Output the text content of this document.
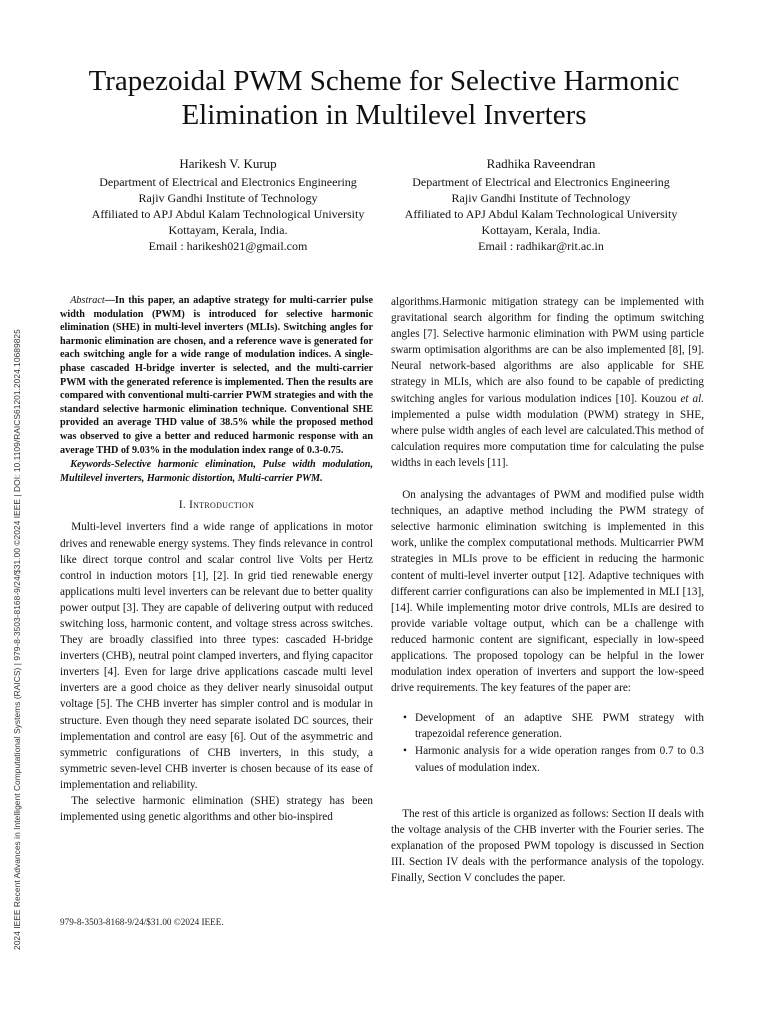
2024 IEEE Recent Advances in Intelligent Computational Systems (RAICS) | 979-8-3503-8168-9/24/$31.00 ©2024 IEEE | DOI: 10.1109/RAICS61201.2024.10689825
Trapezoidal PWM Scheme for Selective Harmonic Elimination in Multilevel Inverters
Harikesh V. Kurup
Department of Electrical and Electronics Engineering
Rajiv Gandhi Institute of Technology
Affiliated to APJ Abdul Kalam Technological University
Kottayam, Kerala, India.
Email : harikesh021@gmail.com
Radhika Raveendran
Department of Electrical and Electronics Engineering
Rajiv Gandhi Institute of Technology
Affiliated to APJ Abdul Kalam Technological University
Kottayam, Kerala, India.
Email : radhikar@rit.ac.in

Abstract—In this paper, an adaptive strategy for multi-carrier pulse width modulation (PWM) is introduced for selective harmonic elimination (SHE) in multi-level inverters (MLIs). Switching angles for harmonic elimination are chosen, and a reference wave is generated for each switching angle for a wide range of modulation indices. A single-phase cascaded H-bridge inverter is selected, and the multi-carrier PWM with the generated reference is implemented. Then the results are compared with conventional multi-carrier PWM strategies and with the standard selective harmonic elimination technique. Conventional SHE provided an average THD value of 38.5% while the proposed method was observed to give a better and reduced harmonic response with an average THD of 9.03% in the modulation index range of 0.3-0.75.

Keywords-Selective harmonic elimination, Pulse width modulation, Multilevel inverters, Harmonic distortion, Multi-carrier PWM.

I. Introduction

Multi-level inverters find a wide range of applications in motor drives and renewable energy systems. They finds relevance in control like direct torque control and scalar control live Volts per Hertz control in induction motors [1], [2]. In grid tied renewable energy applications multi level inverters can be relevant due to better quality power output [3]. They are capable of delivering output with reduced switching loss, harmonic content, and voltage stress across switches. They are broadly classified into three types: cascaded H-bridge inverters (CHB), neutral point clamped inverters, and flying capacitor inverters [4]. Even for large drive applications cascade multi level inverters are a good choice as they deliver nearly sinusoidal output voltage [5]. The CHB inverter has simpler control and is modular in structure. Even though they need separate isolated DC sources, their implementation and control are easy [6]. Out of the asymmetric and symmetric configurations of CHB inverters, in this study, a symmetric seven-level CHB inverter is chosen because of its ease of implementation and reliability.

The selective harmonic elimination (SHE) strategy has been implemented using genetic algorithms and other bio-inspired

algorithms.Harmonic mitigation strategy can be implemented with gravitational search algorithm for finding the optimum switching angles [7]. Selective harmonic elimination with PWM using particle swarm optimisation algorithms are can be also implemented [8], [9]. Neural network-based algorithms are also applicable for SHE strategy in MLIs, which are also found to be capable of predicting switching angles for various modulation indices [10]. Kouzou et al. implemented a pulse width modulation (PWM) strategy in SHE, where pulse width angles of each level are calculated.This method of calculation requires more computation time for calculating the pulse widths in each levels [11].

On analysing the advantages of PWM and modified pulse width techniques, an adaptive method including the PWM strategy of selective harmonic elimination switching is implemented in this work, unlike the complex computational methods. Multicarrier PWM strategies in MLIs prove to be efficient in reducing the harmonic content of multi-level inverter output [12]. Adaptive techniques with different carrier configurations can also be implemented in MLI [13], [14]. While implementing motor drive controls, MLIs are desired to provide variable voltage output, which can be a challenge with reduced harmonic content are significant, especially in low-speed applications. The proposed topology can be helpful in the lower modulation index operation of inverters and support the low-speed drive requirements. The key features of the paper are:

• Development of an adaptive SHE PWM strategy with trapezoidal reference generation.
• Harmonic analysis for a wide operation ranges from 0.7 to 0.3 values of modulation index.

The rest of this article is organized as follows: Section II deals with the voltage analysis of the CHB inverter with the Fourier series. The explanation of the proposed PWM topology is discussed in Section III. Section IV deals with the performance analysis of the topology. Finally, Section V concludes the paper.

979-8-3503-8168-9/24/$31.00 ©2024 IEEE.
